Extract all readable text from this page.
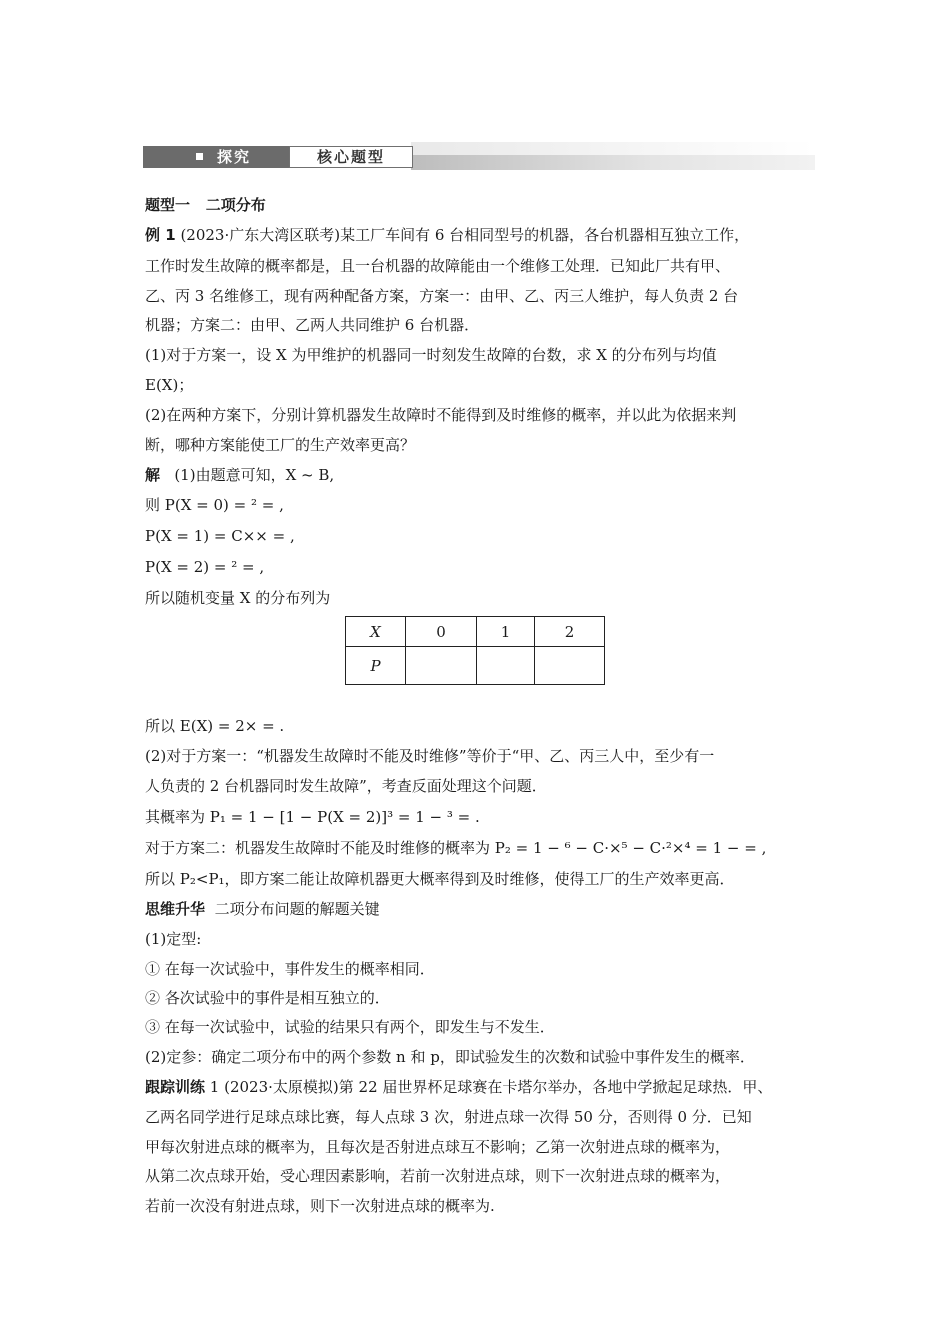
探究	核心题型
题型一 二项分布
例 1 (2023·广东大湾区联考)某工厂车间有 6 台相同型号的机器，各台机器相互独立工作，
工作时发生故障的概率都是，且一台机器的故障能由一个维修工处理．已知此厂共有甲、
乙、丙 3 名维修工，现有两种配备方案，方案一：由甲、乙、丙三人维护，每人负责 2 台
机器；方案二：由甲、乙两人共同维护 6 台机器．
(1)对于方案一，设 X 为甲维护的机器同一时刻发生故障的台数，求 X 的分布列与均值
E(X)；
(2)在两种方案下，分别计算机器发生故障时不能得到及时维修的概率，并以此为依据来判
断，哪种方案能使工厂的生产效率更高？
解 (1)由题意可知，X ~ B,
则 P(X = 0) = ² = ,
P(X = 1) = C×× = ,
P(X = 2) = ² = ,
所以随机变量 X 的分布列为
X	0	1	2
P			
所以 E(X) = 2× = .
(2)对于方案一：“机器发生故障时不能及时维修”等价于“甲、乙、丙三人中，至少有一
人负责的 2 台机器同时发生故障”，考查反面处理这个问题．
其概率为 P₁ = 1 − [1 − P(X = 2)]³ = 1 − ³ = .
对于方案二：机器发生故障时不能及时维修的概率为 P₂ = 1 − ⁶ − C·×⁵ − C·²×⁴ = 1 − = ,
所以 P₂<P₁，即方案二能让故障机器更大概率得到及时维修，使得工厂的生产效率更高．
思维升华 二项分布问题的解题关键
(1)定型:
① 在每一次试验中，事件发生的概率相同．
② 各次试验中的事件是相互独立的．
③ 在每一次试验中，试验的结果只有两个，即发生与不发生．
(2)定参：确定二项分布中的两个参数 n 和 p，即试验发生的次数和试验中事件发生的概率．
跟踪训练 1 (2023·太原模拟)第 22 届世界杯足球赛在卡塔尔举办，各地中学掀起足球热．甲、
乙两名同学进行足球点球比赛，每人点球 3 次，射进点球一次得 50 分，否则得 0 分．已知
甲每次射进点球的概率为，且每次是否射进点球互不影响；乙第一次射进点球的概率为，
从第二次点球开始，受心理因素影响，若前一次射进点球，则下一次射进点球的概率为，
若前一次没有射进点球，则下一次射进点球的概率为.
